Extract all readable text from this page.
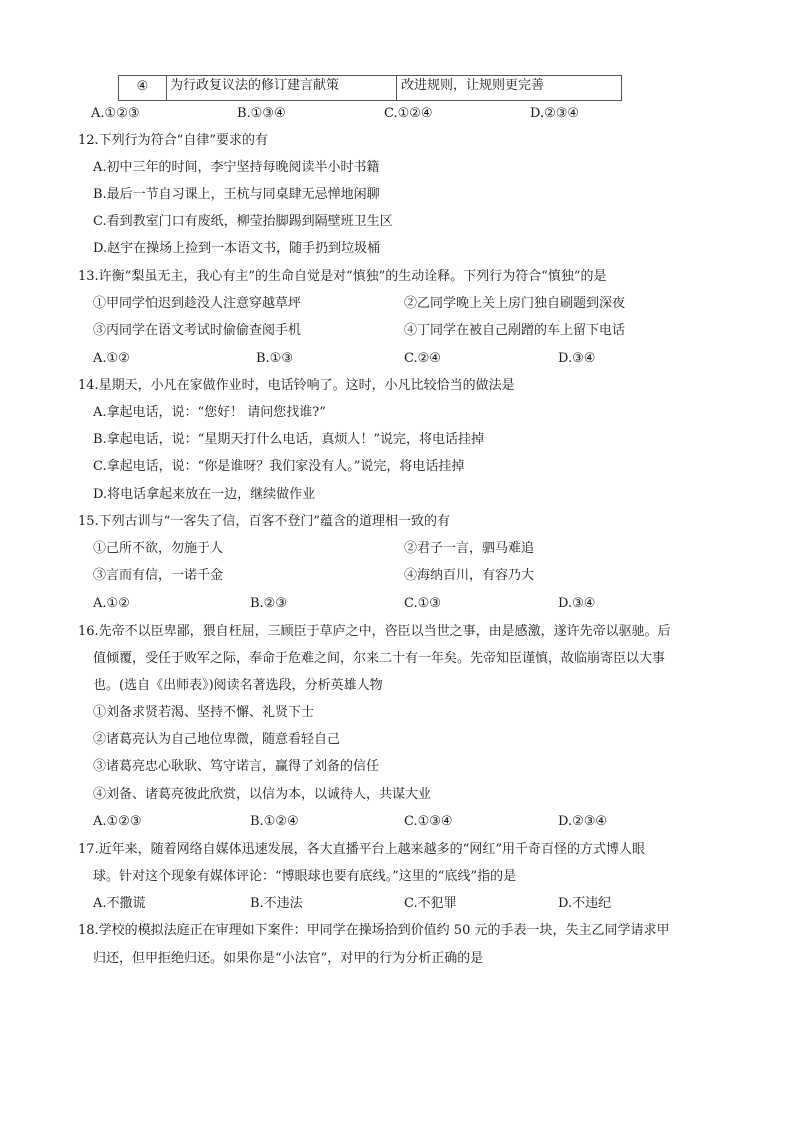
④	为行政复议法的修订建言献策	改进规则，让规则更完善
A.①②③	B.①③④	C.①②④	D.②③④
12.下列行为符合“自律”要求的有
A.初中三年的时间，李宁坚持每晚阅读半小时书籍
B.最后一节自习课上，王杭与同桌肆无忌惮地闲聊
C.看到教室门口有废纸，柳莹抬脚踢到隔壁班卫生区
D.赵宇在操场上捡到一本语文书，随手扔到垃圾桶
13.许衡“梨虽无主，我心有主”的生命自觉是对“慎独”的生动诠释。下列行为符合“慎独”的是
①甲同学怕迟到趁没人注意穿越草坪	②乙同学晚上关上房门独自刷题到深夜
③丙同学在语文考试时偷偷查阅手机	④丁同学在被自己剐蹭的车上留下电话
A.①②	B.①③	C.②④	D.③④
14.星期天，小凡在家做作业时，电话铃响了。这时，小凡比较恰当的做法是
A.拿起电话，说：“您好！ 请问您找谁?”
B.拿起电话，说：“星期天打什么电话，真烦人！”说完，将电话挂掉
C.拿起电话，说：“你是谁呀？我们家没有人。”说完，将电话挂掉
D.将电话拿起来放在一边，继续做作业
15.下列古训与“一客失了信，百客不登门”蕴含的道理相一致的有
①己所不欲，勿施于人	②君子一言，驷马难追
③言而有信，一诺千金	④海纳百川，有容乃大
A.①②	B.②③	C.①③	D.③④
16.先帝不以臣卑鄙，猥自枉屈，三顾臣于草庐之中，咨臣以当世之事，由是感激，遂许先帝以驱驰。后
值倾覆，受任于败军之际，奉命于危难之间，尔来二十有一年矣。先帝知臣谨慎，故临崩寄臣以大事
也。(选自《出师表》)阅读名著选段，分析英雄人物
①刘备求贤若渴、坚持不懈、礼贤下士
②诸葛亮认为自己地位卑微，随意看轻自己
③诸葛亮忠心耿耿、笃守诺言，赢得了刘备的信任
④刘备、诸葛亮彼此欣赏，以信为本，以诚待人，共谋大业
A.①②③	B.①②④	C.①③④	D.②③④
17.近年来，随着网络自媒体迅速发展，各大直播平台上越来越多的“网红”用千奇百怪的方式博人眼
球。针对这个现象有媒体评论：“博眼球也要有底线。”这里的“底线”指的是
A.不撒谎	B.不违法	C.不犯罪	D.不违纪
18.学校的模拟法庭正在审理如下案件：甲同学在操场拾到价值约 50 元的手表一块，失主乙同学请求甲
归还，但甲拒绝归还。如果你是“小法官”，对甲的行为分析正确的是
